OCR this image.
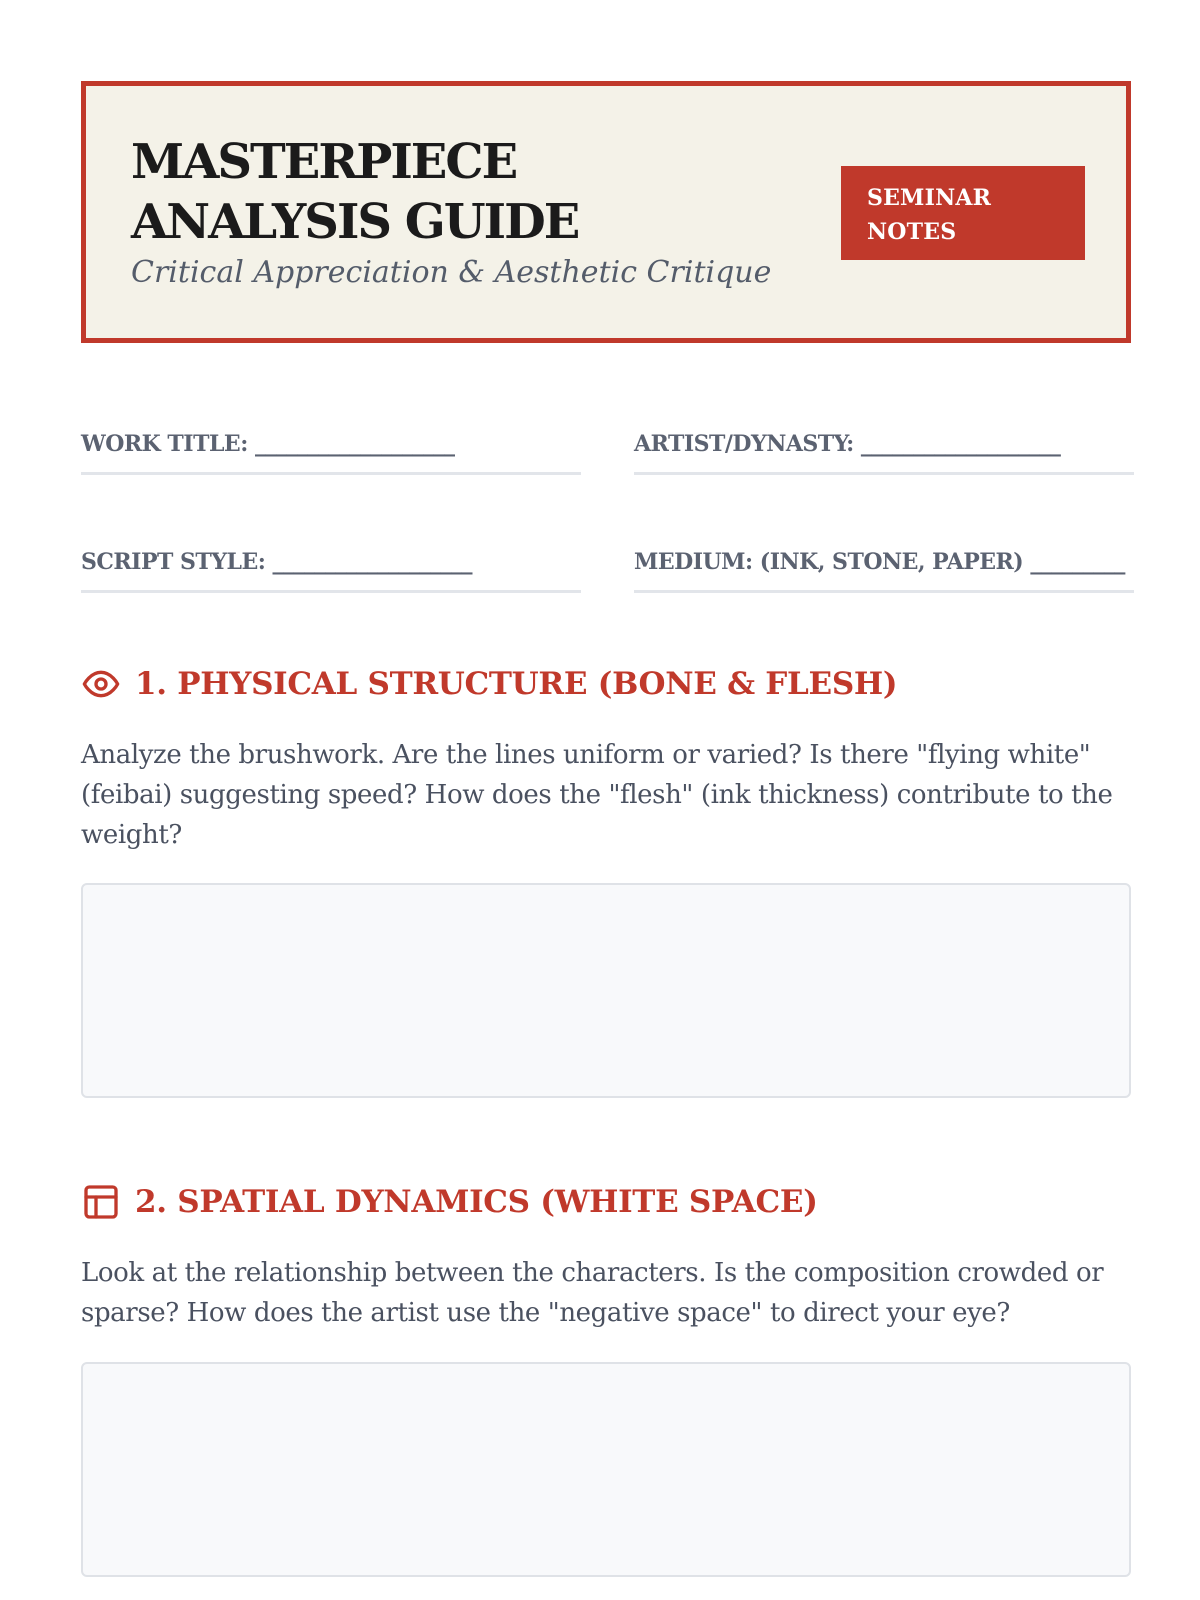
MASTERPIECE ANALYSIS GUIDE

Critical Appreciation & Aesthetic Critique

SEMINAR
NOTES
WORK TITLE: ___________________	ARTIST/DYNASTY: ___________________
SCRIPT STYLE: ___________________	MEDIUM: (INK, STONE, PAPER) _________
1. PHYSICAL STRUCTURE (BONE & FLESH)

Analyze the brushwork. Are the lines uniform or varied? Is there "flying white" (feibai) suggesting speed? How does the "flesh" (ink thickness) contribute to the weight?

2. SPATIAL DYNAMICS (WHITE SPACE)

Look at the relationship between the characters. Is the composition crowded or sparse? How does the artist use the "negative space" to direct your eye?
